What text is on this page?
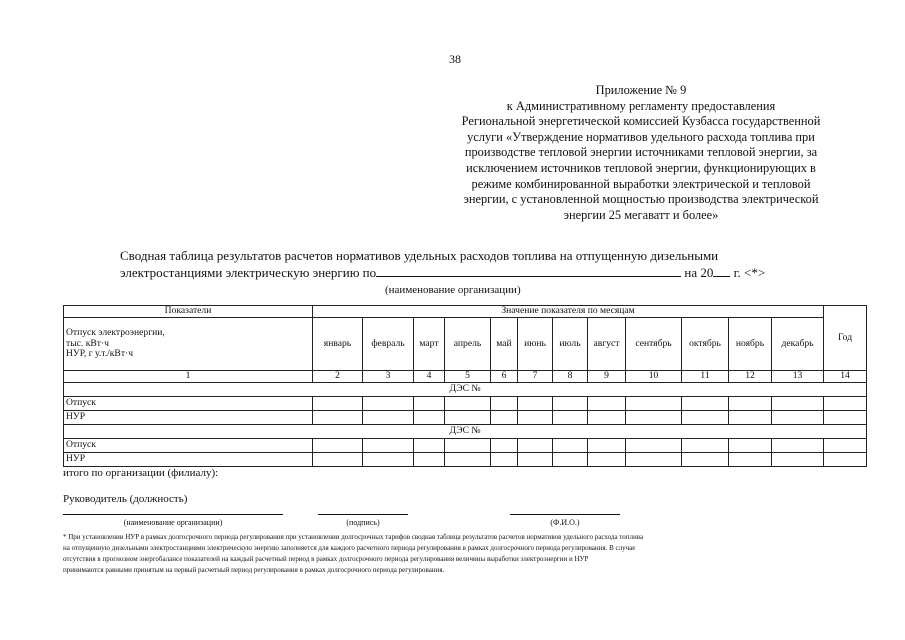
38
Приложение № 9
к Административному регламенту предоставления
Региональной энергетической комиссией Кузбасса государственной
услуги «Утверждение нормативов удельного расхода топлива при
производстве тепловой энергии источниками тепловой энергии, за
исключением источников тепловой энергии, функционирующих в
режиме комбинированной выработки электрической и тепловой
энергии, с установленной мощностью производства электрической
энергии 25 мегаватт и более»
Сводная таблица результатов расчетов нормативов удельных расходов топлива на отпущенную дизельными
электростанциями электрическую энергию по	на 20 г. <*>
(наименование организации)
Показатели	Значение показателя по месяцам												Год

Отпуск электроэнергии,
тыс. кВт·ч
НУР, г у.т./кВт·ч	январь	февраль	март	апрель	май	июнь	июль	август	сентябрь	октябрь	ноябрь	декабрь	
1	2	3	4	5	6	7	8	9	10	11	12	13	14
ДЭС №													
Отпуск													
НУР													
ДЭС №													
Отпуск													
НУР													
итого по организации (филиалу):
Руководитель (должность)
(наименование организации)	(подпись)	(Ф.И.О.)
* При установлении НУР в рамках долгосрочного периода регулирования при установлении долгосрочных тарифов сводная таблица результатов расчетов нормативов удельного расхода топлива
на отпущенную дизельными электростанциями электрическую энергию заполняется для каждого расчетного периода регулирования в рамках долгосрочного периода регулирования. В случае
отсутствия в прогнозном энергобалансе показателей на каждый расчетный период в рамках долгосрочного периода регулирования величины выработки электроэнергии и НУР
принимаются равными принятым на первый расчетный период регулирования в рамках долгосрочного периода регулирования.
